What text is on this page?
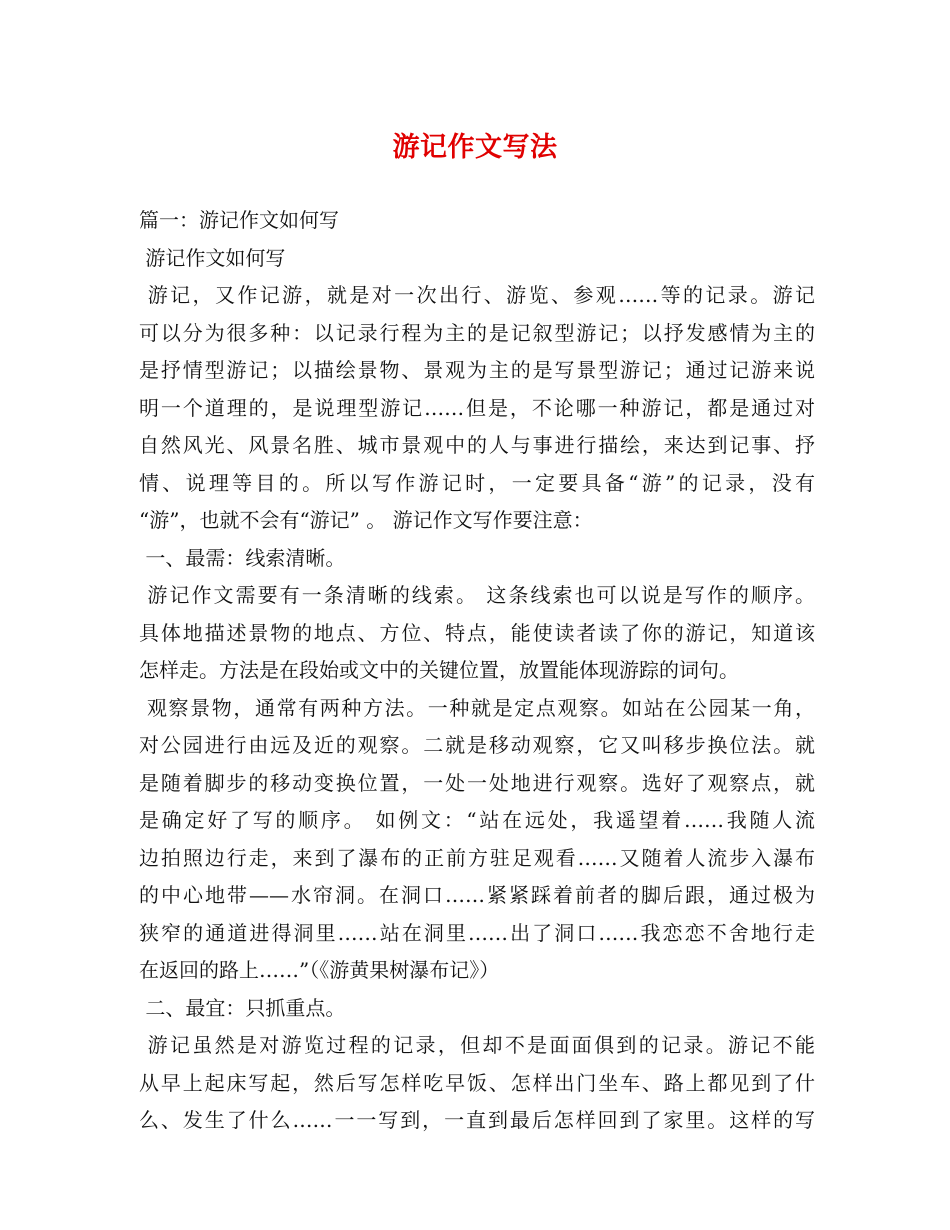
游记作文写法
篇一：游记作文如何写
游记作文如何写
游记，又作记游，就是对一次出行、游览、参观……等的记录。游记
可以分为很多种：以记录行程为主的是记叙型游记；以抒发感情为主的
是抒情型游记；以描绘景物、景观为主的是写景型游记；通过记游来说
明一个道理的，是说理型游记……但是，不论哪一种游记，都是通过对
自然风光、风景名胜、城市景观中的人与事进行描绘，来达到记事、抒
情、说理等目的。所以写作游记时，一定要具备“游”的记录，没有
“游”，也就不会有“游记” 。 游记作文写作要注意：
一、最需：线索清晰。
游记作文需要有一条清晰的线索。 这条线索也可以说是写作的顺序。
具体地描述景物的地点、方位、特点，能使读者读了你的游记，知道该
怎样走。方法是在段始或文中的关键位置，放置能体现游踪的词句。
观察景物，通常有两种方法。一种就是定点观察。如站在公园某一角，
对公园进行由远及近的观察。二就是移动观察，它又叫移步换位法。就
是随着脚步的移动变换位置，一处一处地进行观察。选好了观察点，就
是确定好了写的顺序。 如例文：“站在远处，我遥望着……我随人流
边拍照边行走，来到了瀑布的正前方驻足观看……又随着人流步入瀑布
的中心地带——水帘洞。在洞口……紧紧踩着前者的脚后跟，通过极为
狭窄的通道进得洞里……站在洞里……出了洞口……我恋恋不舍地行走
在返回的路上……”（《游黄果树瀑布记》）
二、最宜：只抓重点。
游记虽然是对游览过程的记录，但却不是面面俱到的记录。游记不能
从早上起床写起，然后写怎样吃早饭、怎样出门坐车、路上都见到了什
么、发生了什么……一一写到，一直到最后怎样回到了家里。这样的写
